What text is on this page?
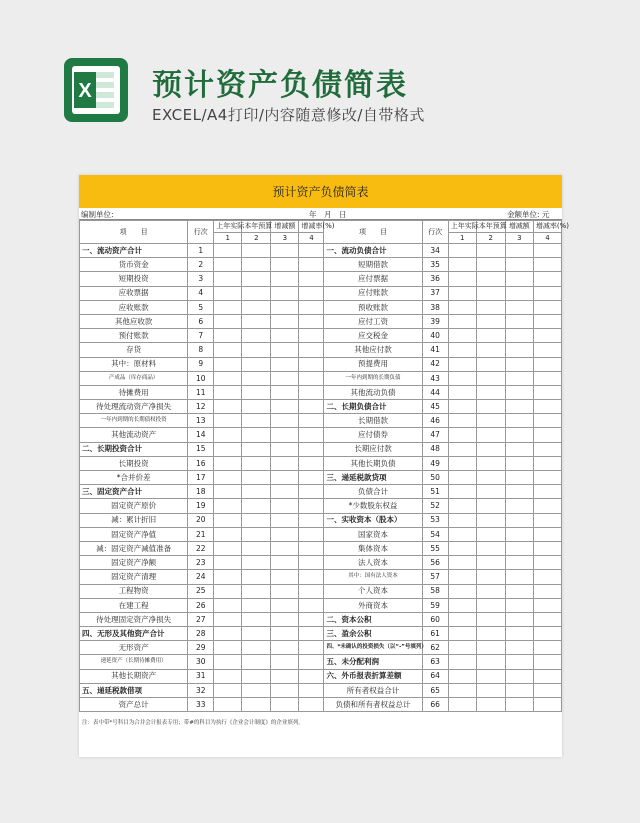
X 预计资产负债简表
EXCEL/A4打印/内容随意修改/自带格式
预计资产负债简表
编制单位:	年　月　日	金额单位: 元
项　　目	行次	上年实际	本年预算	增减额	增减率(%)	项　　目	行次	上年实际	本年预算	增减额	增减率(%)
		1	2	3	4			1	2	3	4
一、流动资产合计	1					一、流动负债合计	34				
货币资金	2					短期借款	35				
短期投资	3					应付票据	36				
应收票据	4					应付账款	37				
应收账款	5					预收账款	38				
其他应收款	6					应付工资	39				
预付账款	7					应交税金	40				
存货	8					其他应付款	41				
其中：原材料	9					预提费用	42				
产成品（库存商品）	10					一年内到期的长期负债	43				
待摊费用	11					其他流动负债	44				
待处理流动资产净损失	12					二、长期负债合计	45				
一年内到期的长期债权投资	13					长期借款	46				
其他流动资产	14					应付债券	47				
二、长期投资合计	15					长期应付款	48				
长期投资	16					其他长期负债	49				
*合并价差	17					三、递延税款贷项	50				
三、固定资产合计	18					负债合计	51				
固定资产原价	19					*少数股东权益	52				
减：累计折旧	20					一、实收资本（股本）	53				
固定资产净值	21					国家资本	54				
减：固定资产减值准备	22					集体资本	55				
固定资产净额	23					法人资本	56				
固定资产清理	24					其中：国有法人资本	57				
工程物资	25					个人资本	58				
在建工程	26					外商资本	59				
待处理固定资产净损失	27					二、资本公积	60				
四、无形及其他资产合计	28					三、盈余公积	61				
无形资产	29					四、*未确认的投资损失（以“-”号填列）	62				
递延资产（长期待摊费用）	30					五、未分配利润	63				
其他长期资产	31					六、外币报表折算差额	64				
五、递延税款借项	32					所有者权益合计	65				
资产总计	33					负债和所有者权益总计	66				
注：表中带*号科目为合并会计报表专用；带#的科目为执行《企业会计制度》的企业填列。
